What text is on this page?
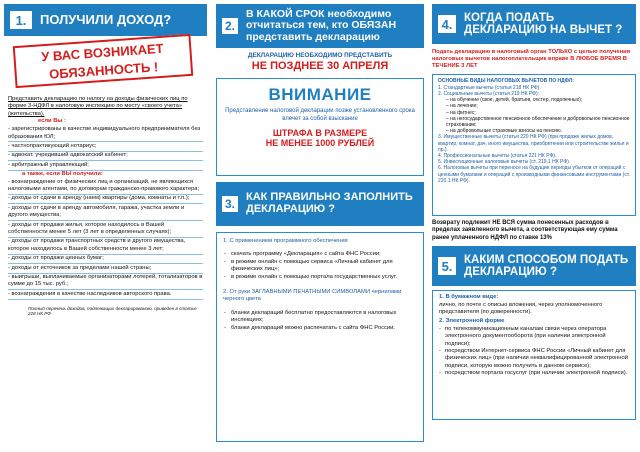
1.	ПОЛУЧИЛИ ДОХОД?
У ВАС ВОЗНИКАЕТ
ОБЯЗАННОСТЬ !
Представить декларацию по налогу на доходы физических лиц по форме 3-НДФЛ в налоговую инспекцию по месту «своего учета» (жительства),
если Вы :
- зарегистрированы в качестве индивидуального предпринимателя без образования ЮЛ;
- частнопрактикующий нотариус;
- адвокат, учредивший адвокатский кабинет;
- арбитражный управляющий;
а также, если ВЫ получили:
- вознаграждение от физических лиц и организаций, не являющихся налоговыми агентами, по договорам гражданско-правового характера;
- доходы от сдачи в аренду (наем) квартиры (дома, комнаты и т.п.);
- доходы от сдачи в аренду автомобиля, гаража, участка земли и другого имущества;
- доходы от продажи жилья, которое находилось в Вашей собственности менее 5 лет (3 лет в определенных случаях);
- доходы от продажи транспортных средств и другого имущества, которое находилось в Вашей собственности менее 3 лет;
- доходы от продажи ценных бумаг;
- доходы от источников за пределами нашей страны;
- выигрыши, выплачиваемые организаторами лотерей, тотализаторов в сумме до 15 тыс. руб.;
- вознаграждения в качестве наследников авторского права.
Полный перечень доходов, подлежащих декларированию, приведен в статье 228 НК РФ
2.
В КАКОЙ СРОК необходимо отчитаться тем, кто ОБЯЗАН представить декларацию
ДЕКЛАРАЦИЮ НЕОБХОДИМО ПРЕДСТАВИТЬ
НЕ ПОЗДНЕЕ 30 АПРЕЛЯ
ВНИМАНИЕ
Представление налоговой декларации позже установленного срока влечет за собой взыскание
ШТРАФА В РАЗМЕРЕ
НЕ МЕНЕЕ 1000 РУБЛЕЙ
3.	КАК ПРАВИЛЬНО ЗАПОЛНИТЬ ДЕКЛАРАЦИЮ ?
1. С применением программного обеспечения
- скачать программу «Декларация» с сайта ФНС России;
- в режиме онлайн с помощью сервиса «Личный кабинет для физических лиц»;
- в режиме онлайн с помощью портала государственных услуг.
2. От руки ЗАГЛАВНЫМИ ПЕЧАТНЫМИ СИМВОЛАМИ чернилами черного цвета
- бланки деклараций бесплатно предоставляются в налоговых инспекциях;
- бланки деклараций можно распечатать с сайта ФНС России.
4.	КОГДА ПОДАТЬ ДЕКЛАРАЦИЮ НА ВЫЧЕТ ?
Подать декларацию в налоговый орган ТОЛЬКО с целью получения налоговых вычетов налогоплательщик вправе В ЛЮБОЕ ВРЕМЯ В ТЕЧЕНИЕ 3 ЛЕТ
ОСНОВНЫЕ ВИДЫ НАЛОГОВЫХ ВЫЧЕТОВ ПО НДФЛ:
1. Стандартные вычеты (статья 218 НК РФ).
2. Социальные вычеты (статья 219 НК РФ):
– на обучение (свое, детей, братьев, сестер, подопечных);
– на лечение;
– на фитнес;
– на негосударственное пенсионное обеспечение и добровольное пенсионное страхование;
– на добровольные страховые взносы на пенсию.
3. Имущественные вычеты (статья 220 НК РФ) (при продаже жилых домов, квартир, комнат, дач, иного имущества, приобретении или строительстве жилья и пр.).
4. Профессиональные вычеты (статья 221 НК РФ).
5. Инвестиционные налоговые вычеты (ст. 219.1 НК РФ).
6. Налоговые вычеты при переносе на будущие периоды убытков от операций с ценными бумагами и операций с производными финансовыми инструментами (ст. 220.1 НК РФ).
Возврату подлежит НЕ ВСЯ сумма понесенных расходов в пределах заявленного вычета, а соответствующая ему сумма ранее уплаченного НДФЛ по ставке 13%
5.	КАКИМ СПОСОБОМ ПОДАТЬ ДЕКЛАРАЦИЮ ?
1. В бумажном виде:
лично, по почте с описью вложения, через уполномоченного представителя (по доверенности).
2. Электронной форме
- по телекоммуникационным каналам связи через оператора электронного документооборота (при наличии электронной подписи);
- посредством Интернет-сервиса ФНС России «Личный кабинет для физических лиц» (при наличии неквалифицированной электронной подписи, которую можно получить в данном сервисе);
- посредством портала госуслуг (при наличии электронной подписи).
